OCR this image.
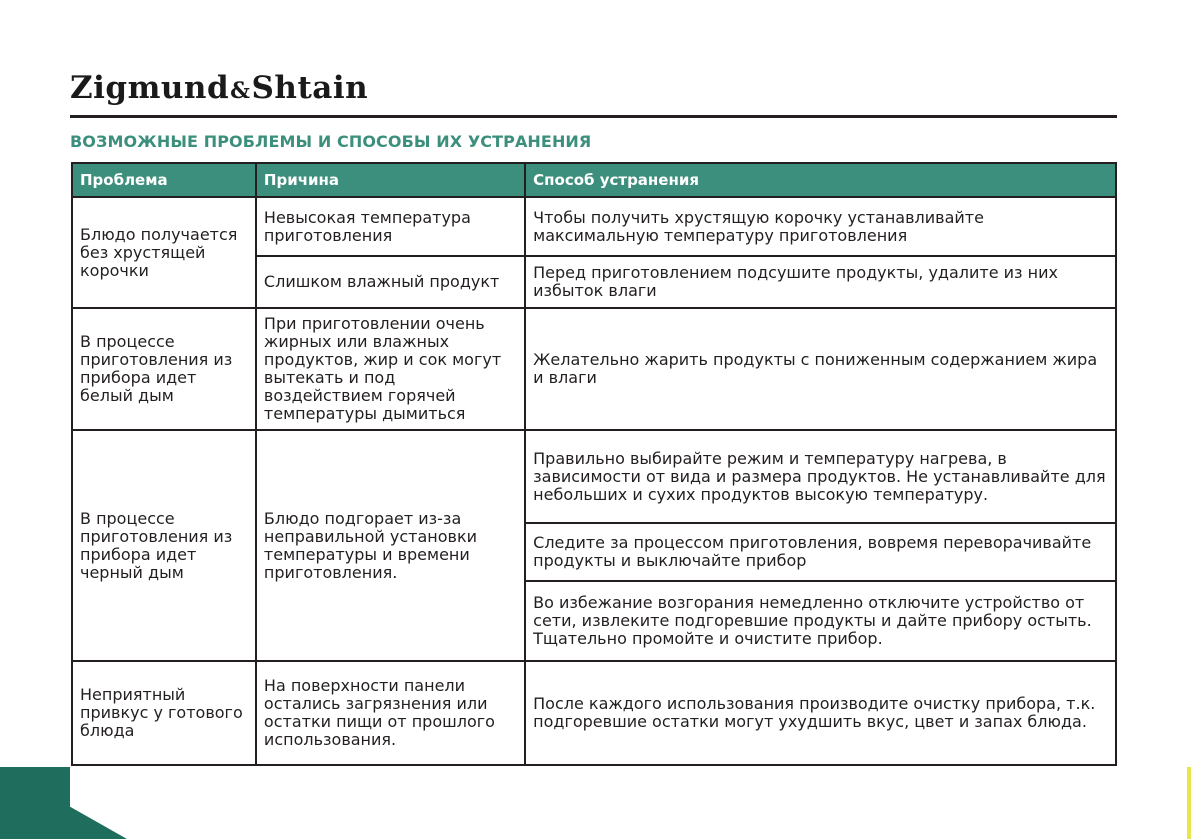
Zigmund&Shtain
ВОЗМОЖНЫЕ ПРОБЛЕМЫ И СПОСОБЫ ИХ УСТРАНЕНИЯ
Проблема	Причина	Способ устранения
Блюдо получается без хрустящей корочки	Невысокая температура приготовления	Чтобы получить хрустящую корочку устанавливайте максимальную температуру приготовления
	Слишком влажный продукт	Перед приготовлением подсушите продукты, удалите из них избыток влаги
В процессе приготовления из прибора идет белый дым	При приготовлении очень жирных или влажных продуктов, жир и сок могут вытекать и под воздействием горячей температуры дымиться	Желательно жарить продукты с пониженным содержанием жира и влаги
В процессе приготовления из прибора идет черный дым	Блюдо подгорает из-за неправильной установки температуры и времени приготовления.	Правильно выбирайте режим и температуру нагрева, в зависимости от вида и размера продуктов. Не устанавливайте для небольших и сухих продуктов высокую температуру.
		Следите за процессом приготовления, вовремя переворачивайте продукты и выключайте прибор
		Во избежание возгорания немедленно отключите устройство от сети, извлеките подгоревшие продукты и дайте прибору остыть. Тщательно промойте и очистите прибор.
Неприятный привкус у готового блюда	На поверхности панели остались загрязнения или остатки пищи от прошлого использования.	После каждого использования производите очистку прибора, т.к. подгоревшие остатки могут ухудшить вкус, цвет и запах блюда.
